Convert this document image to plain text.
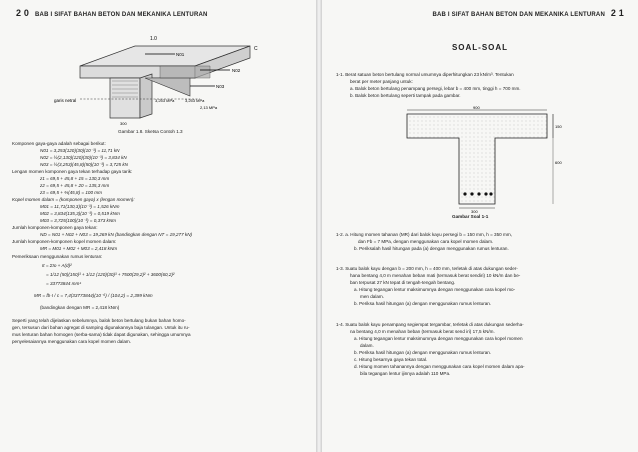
2 0 BAB I SIFAT BAHAN BETON DAN MEKANIKA LENTURAN
1.0
C
N01
N02
N03
garis netral	3,253 MPa	3,253 MPa
2,13 MPa
300
Gambar 1.8. Sketsa Contoh 1.3
Komponen gaya-gaya adalah sebagai berikut:
N01 = 3,253(120)(30)(10⁻³) = 11,71 kN
N02 = ½(2,130)(120)(30)(10⁻³) = 3,834 kN
N03 = ½(3,253)(45,8)(50)(10⁻³) = 3,725 kN
Lengan momen komponen gaya tekan terhadap gaya tarik:
z1 = 69,5 + 45,8 + 15 = 130,3 mm
z2 = 69,5 + 45,8 + 20 = 135,3 mm
z3 = 69,5 + ⅔(45,8) = 100 mm
Kopel momen dalam = (komponen gaya) x (lengan momen):
M01 = 11,71(130,3)(10⁻³) = 1,526 kNm
M02 = 3,834(135,3)(10⁻³) = 0,519 kNm
M03 = 3,725(100)(10⁻³) = 0,373 kNm
Jumlah komponen-komponen gaya tekan:
ND = N01 + N02 + N03 = 19,269 kN (bandingkan dengan NT = 19,277 kN)
Jumlah komponen-komponen kopel momen dalam:
MR = M01 + M02 + M03 = 2,418 kNm
Pemeriksaan menggunakan rumus lenturan:
It = ΣIo + A(d)²
= 1/12 (50)(150)³ + 1/12 (120)(30)³ + 7500(29,2)² + 3600(60,2)²
= 33773844 mm⁴
MR = fb·I / c = 7,4(33773844)(10⁻⁶) / (104,2) = 2,399 kNm
(bandingkan dengan MR = 2,418 kNm)
Seperti yang telah dijelaskan sebelumnya, balok beton bertulang bukan bahan homo-
gen, tersusun dari bahan agregat di samping digunakannya baja tulangan. Untuk itu ru-
mus lenturan bahan homogen (serba-sama) tidak dapat digunakan, sehingga umumnya
penyelesaiannya menggunakan cara kopel momen dalam.
BAB I SIFAT BAHAN BETON DAN MEKANIKA LENTURAN 2 1
SOAL-SOAL
1-1. Berat satuan beton bertulang normal umumnya diperhitungkan 23 kN/m³. Tentukan
berat per meter panjang untuk:
a. Balok beton bertulang penampang persegi, lebar b = 400 mm, tinggi h = 700 mm.
b. Balok beton bertulang seperti tampak pada gambar.
900
150
600
300
Gambar Soal 1-1
1-2. a. Hitung momen tahanan (MR) dari balok kayu persegi b = 150 mm, h = 350 mm,
dan Fb = 7 MPa, dengan menggunakan cara kopel momen dalam.
b. Periksalah hasil hitungan pada (a) dengan menggunakan rumus lenturan.
1-3. Suatu balok kayu dengan b = 200 mm, h = 400 mm, terletak di atas dukungan seder-
hana bentang 4,0 m menahan beban mati (termasuk berat sendiri) 10 kN/m dan be-
ban terpusat 27 kN tepat di tengah-tengah bentang.
a. Hitung tegangan lentur maksimumnya dengan menggunakan cara kopel mo-
men dalam.
b. Periksa hasil hitungan (a) dengan menggunakan rumus lenturan.
1-4. Suatu balok kayu penampang segiempat tergambar, terletak di atas dukungan sederha-
na bentang 4,0 m menahan beban (termasuk berat send iri) 17,5 kN/m.
a. Hitung tegangan lentur maksimumnya dengan menggunakan cara kopel momen
dalam.
b. Periksa hasil hitungan (a) dengan menggunakan rumus lenturan.
c. Hitung besarnya gaya tekan total.
d. Hitung momen tahanannya dengan menggunakan cara kopel momen dalam apa-
bila tegangan lentur ijinnya adalah 110 MPa.
